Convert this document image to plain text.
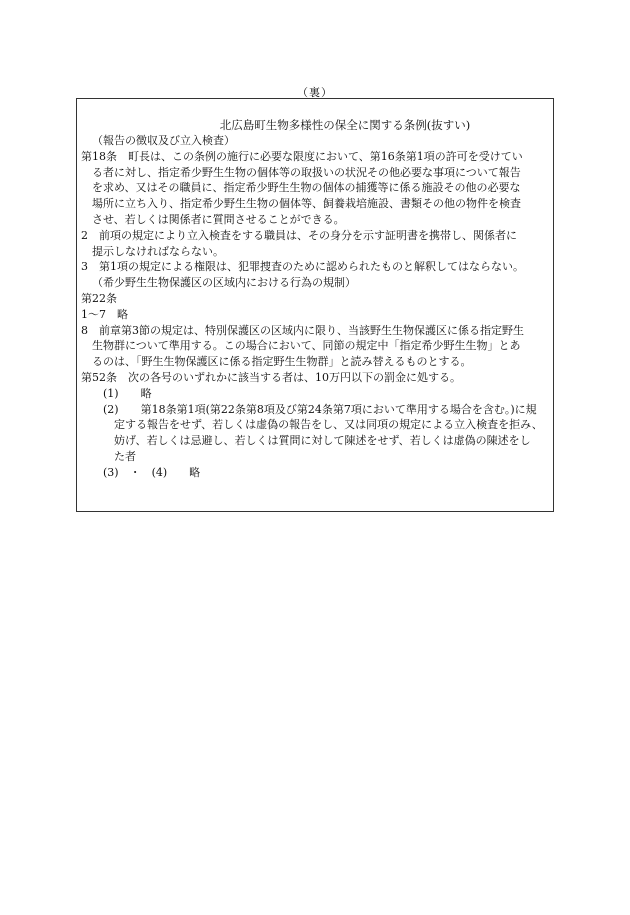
（裏）
北広島町生物多様性の保全に関する条例(抜すい)
（報告の徴収及び立入検査）
第18条　町長は、この条例の施行に必要な限度において、第16条第1項の許可を受けてい
る者に対し、指定希少野生生物の個体等の取扱いの状況その他必要な事項について報告
を求め、又はその職員に、指定希少野生生物の個体の捕獲等に係る施設その他の必要な
場所に立ち入り、指定希少野生生物の個体等、飼養栽培施設、書類その他の物件を検査
させ、若しくは関係者に質問させることができる。
2　前項の規定により立入検査をする職員は、その身分を示す証明書を携帯し、関係者に
提示しなければならない。
3　第1項の規定による権限は、犯罪捜査のために認められたものと解釈してはならない。
（希少野生生物保護区の区域内における行為の規制）
第22条
1〜7　略
8　前章第3節の規定は、特別保護区の区域内に限り、当該野生生物保護区に係る指定野生
生物群について準用する。この場合において、同節の規定中「指定希少野生生物」とあ
るのは、「野生生物保護区に係る指定野生生物群」と読み替えるものとする。
第52条　次の各号のいずれかに該当する者は、10万円以下の罰金に処する。
(1)　　略
(2)　　第18条第1項(第22条第8項及び第24条第7項において準用する場合を含む。)に規
定する報告をせず、若しくは虚偽の報告をし、又は同項の規定による立入検査を拒み、
妨げ、若しくは忌避し、若しくは質問に対して陳述をせず、若しくは虚偽の陳述をし
た者
(3)　・　(4)　　略
